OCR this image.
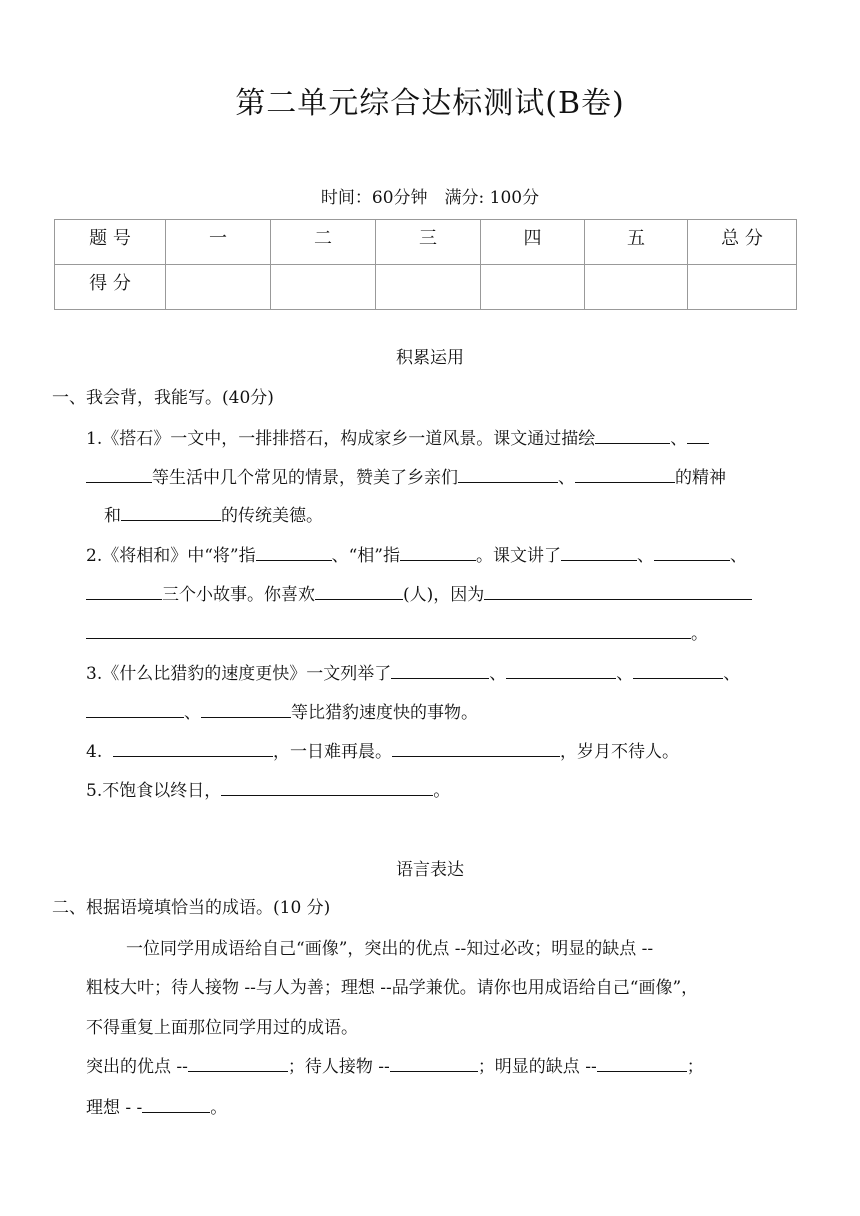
第二单元综合达标测试(B卷)
时间：60分钟　满分: 100分
题 号	一	二	三	四	五	总 分
得 分						
积累运用
一、我会背，我能写。(40分)
1.《搭石》一文中，一排排搭石，构成家乡一道风景。课文通过描绘	、
等生活中几个常见的情景，赞美了乡亲们	、	的精神
和	的传统美德。
2.《将相和》中“将”指	、“相”指	。课文讲了	、	、
三个小故事。你喜欢	(人)，因为
。
3.《什么比猎豹的速度更快》一文列举了	、	、	、
、	等比猎豹速度快的事物。
4.	，一日难再晨。	，岁月不待人。
5.不饱食以终日，	。
语言表达
二、根据语境填恰当的成语。(10 分)
一位同学用成语给自己“画像”，突出的优点 --知过必改；明显的缺点 --
粗枝大叶；待人接物 --与人为善；理想 --品学兼优。请你也用成语给自己“画像”，
不得重复上面那位同学用过的成语。
突出的优点 --	；待人接物 --	；明显的缺点 --	；
理想 - -	。
